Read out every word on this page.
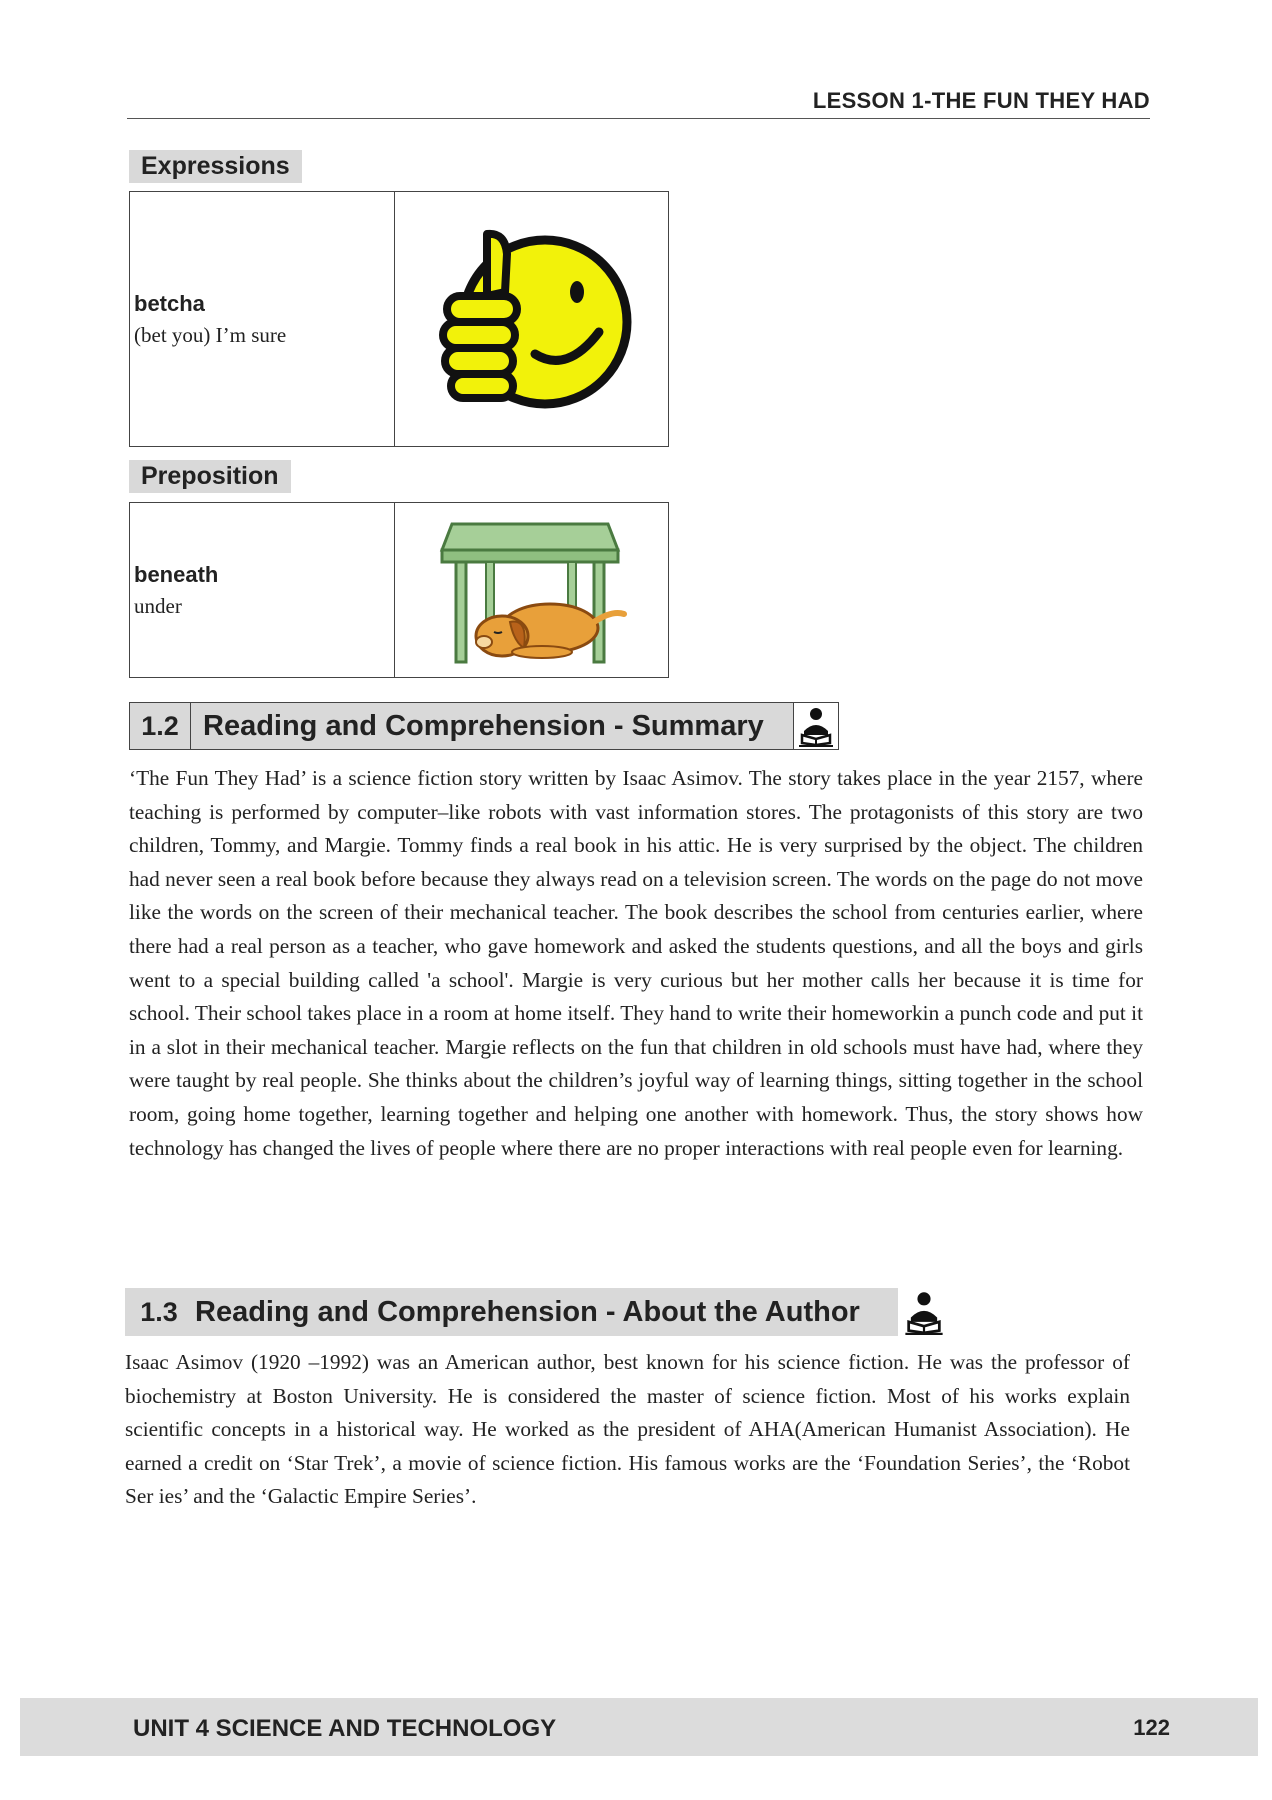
LESSON 1-THE FUN THEY HAD
Expressions
betcha
(bet you) I’m sure
Preposition
beneath
under
1.2 Reading and Comprehension - Summary

‘The Fun They Had’ is a science fiction story written by Isaac Asimov. The story takes place in the year 2157, where teaching is performed by computer–like robots with vast information stores. The protagonists of this story are two children, Tommy, and Margie. Tommy finds a real book in his attic. He is very surprised by the object. The children had never seen a real book before because they always read on a television screen. The words on the page do not move like the words on the screen of their mechanical teacher. The book describes the school from centuries earlier, where there had a real person as a teacher, who gave homework and asked the students questions, and all the boys and girls went to a special building called 'a school'. Margie is very curious but her mother calls her because it is time for school. Their school takes place in a room at home itself. They hand to write their homeworkin a punch code and put it in a slot in their mechanical teacher. Margie reflects on the fun that children in old schools must have had, where they were taught by real people. She thinks about the children’s joyful way of learning things, sitting together in the school room, going home together, learning together and helping one another with homework. Thus, the story shows how technology has changed the lives of people where there are no proper interactions with real people even for learning.

1.3 Reading and Comprehension - About the Author

Isaac Asimov (1920 –1992) was an American author, best known for his science fiction. He was the professor of biochemistry at Boston University. He is considered the master of science fiction. Most of his works explain scientific concepts in a historical way. He worked as the president of AHA(American Humanist Association). He earned a credit on ‘Star Trek’, a movie of science fiction. His famous works are the ‘Foundation Series’, the ‘Robot Ser ies’ and the ‘Galactic Empire Series’.

UNIT 4 SCIENCE AND TECHNOLOGY	122
